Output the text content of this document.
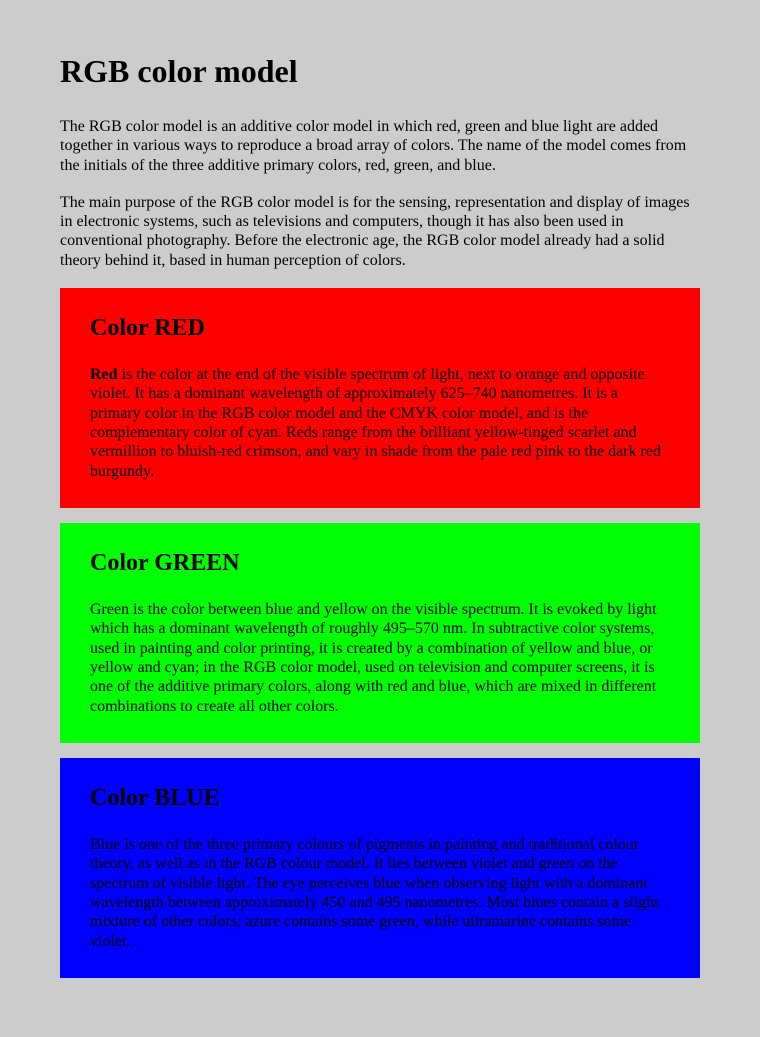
RGB color model

The RGB color model is an additive color model in which red, green and blue light are added together in various ways to reproduce a broad array of colors. The name of the model comes from the initials of the three additive primary colors, red, green, and blue.

The main purpose of the RGB color model is for the sensing, representation and display of images in electronic systems, such as televisions and computers, though it has also been used in conventional photography. Before the electronic age, the RGB color model already had a solid theory behind it, based in human perception of colors.

Color RED

Red is the color at the end of the visible spectrum of light, next to orange and opposite violet. It has a dominant wavelength of approximately 625–740 nanometres. It is a primary color in the RGB color model and the CMYK color model, and is the complementary color of cyan. Reds range from the brilliant yellow-tinged scarlet and vermillion to bluish-red crimson, and vary in shade from the pale red pink to the dark red burgundy.

Color GREEN

Green is the color between blue and yellow on the visible spectrum. It is evoked by light which has a dominant wavelength of roughly 495–570 nm. In subtractive color systems, used in painting and color printing, it is created by a combination of yellow and blue, or yellow and cyan; in the RGB color model, used on television and computer screens, it is one of the additive primary colors, along with red and blue, which are mixed in different combinations to create all other colors.

Color BLUE

Blue is one of the three primary colours of pigments in painting and traditional colour theory, as well as in the RGB colour model. It lies between violet and green on the spectrum of visible light. The eye perceives blue when observing light with a dominant wavelength between approximately 450 and 495 nanometres. Most blues contain a slight mixture of other colors; azure contains some green, while ultramarine contains some violet.
